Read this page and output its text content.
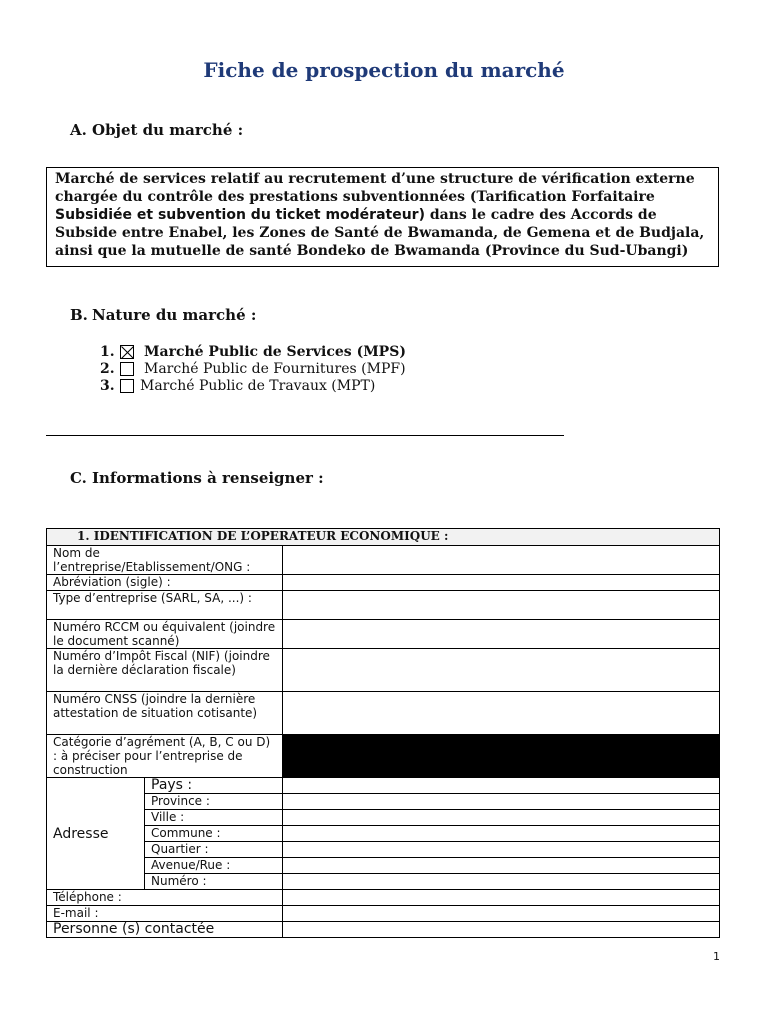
Fiche de prospection du marché
A. Objet du marché :
Marché de services relatif au recrutement d’une structure de vérification externe chargée du contrôle des prestations subventionnées (Tarification Forfaitaire Subsidiée et subvention du ticket modérateur) dans le cadre des Accords de Subside entre Enabel, les Zones de Santé de Bwamanda, de Gemena et de Budjala, ainsi que la mutuelle de santé Bondeko de Bwamanda (Province du Sud-Ubangi)
B. Nature du marché :
1.	Marché Public de Services (MPS)
2.	Marché Public de Fournitures (MPF)
3.	Marché Public de Travaux (MPT)
C. Informations à renseigner :
1. IDENTIFICATION DE L’OPERATEUR ECONOMIQUE :		
Nom de l’entreprise/Etablissement/ONG :		
Abréviation (sigle) :		
Type d’entreprise (SARL, SA, ...) :		
Numéro RCCM ou équivalent (joindre le document scanné)		
Numéro d’Impôt Fiscal (NIF) (joindre la dernière déclaration fiscale)		
Numéro CNSS (joindre la dernière attestation de situation cotisante)		
Catégorie d’agrément (A, B, C ou D) : à préciser pour l’entreprise de construction		
Adresse	Pays :	
	Province :	
	Ville :	
	Commune :	
	Quartier :	
	Avenue/Rue :	
	Numéro :	
Téléphone :		
E-mail :		
Personne (s) contactée		
1
